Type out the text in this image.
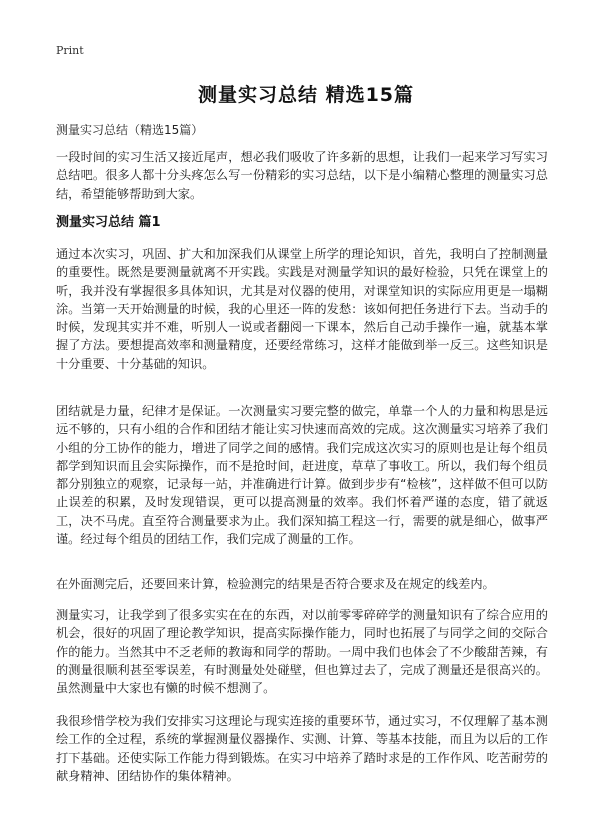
Print
测量实习总结 精选15篇
测量实习总结（精选15篇）

一段时间的实习生活又接近尾声，想必我们吸收了许多新的思想，让我们一起来学习写实习总结吧。很多人都十分头疼怎么写一份精彩的实习总结，以下是小编精心整理的测量实习总结，希望能够帮助到大家。

测量实习总结 篇1

通过本次实习，巩固、扩大和加深我们从课堂上所学的理论知识，首先，我明白了控制测量的重要性。既然是要测量就离不开实践。实践是对测量学知识的最好检验，只凭在课堂上的听，我并没有掌握很多具体知识，尤其是对仪器的使用，对课堂知识的实际应用更是一塌糊涂。当第一天开始测量的时候，我的心里还一阵的发愁：该如何把任务进行下去。当动手的时候，发现其实并不难，听别人一说或者翻阅一下课本，然后自己动手操作一遍，就基本掌握了方法。要想提高效率和测量精度，还要经常练习，这样才能做到举一反三。这些知识是十分重要、十分基础的知识。

团结就是力量，纪律才是保证。一次测量实习要完整的做完，单靠一个人的力量和构思是远远不够的，只有小组的合作和团结才能让实习快速而高效的完成。这次测量实习培养了我们小组的分工协作的能力，增进了同学之间的感情。我们完成这次实习的原则也是让每个组员都学到知识而且会实际操作，而不是抢时间，赶进度，草草了事收工。所以，我们每个组员都分别独立的观察，记录每一站，并准确进行计算。做到步步有“检核”，这样做不但可以防止误差的积累，及时发现错误，更可以提高测量的效率。我们怀着严谨的态度，错了就返工，决不马虎。直至符合测量要求为止。我们深知搞工程这一行，需要的就是细心，做事严谨。经过每个组员的团结工作，我们完成了测量的工作。

在外面测完后，还要回来计算，检验测完的结果是否符合要求及在规定的线差内。

测量实习，让我学到了很多实实在在的东西，对以前零零碎碎学的测量知识有了综合应用的机会，很好的巩固了理论教学知识，提高实际操作能力，同时也拓展了与同学之间的交际合作的能力。当然其中不乏老师的教诲和同学的帮助。一周中我们也体会了不少酸甜苦辣，有的测量很顺利甚至零误差，有时测量处处碰壁，但也算过去了，完成了测量还是很高兴的。虽然测量中大家也有懒的时候不想测了。

我很珍惜学校为我们安排实习这理论与现实连接的重要环节，通过实习，不仅理解了基本测绘工作的全过程，系统的掌握测量仪器操作、实测、计算、等基本技能，而且为以后的工作打下基础。还使实际工作能力得到锻炼。在实习中培养了踏时求是的工作作风、吃苦耐劳的献身精神、团结协作的集体精神。
